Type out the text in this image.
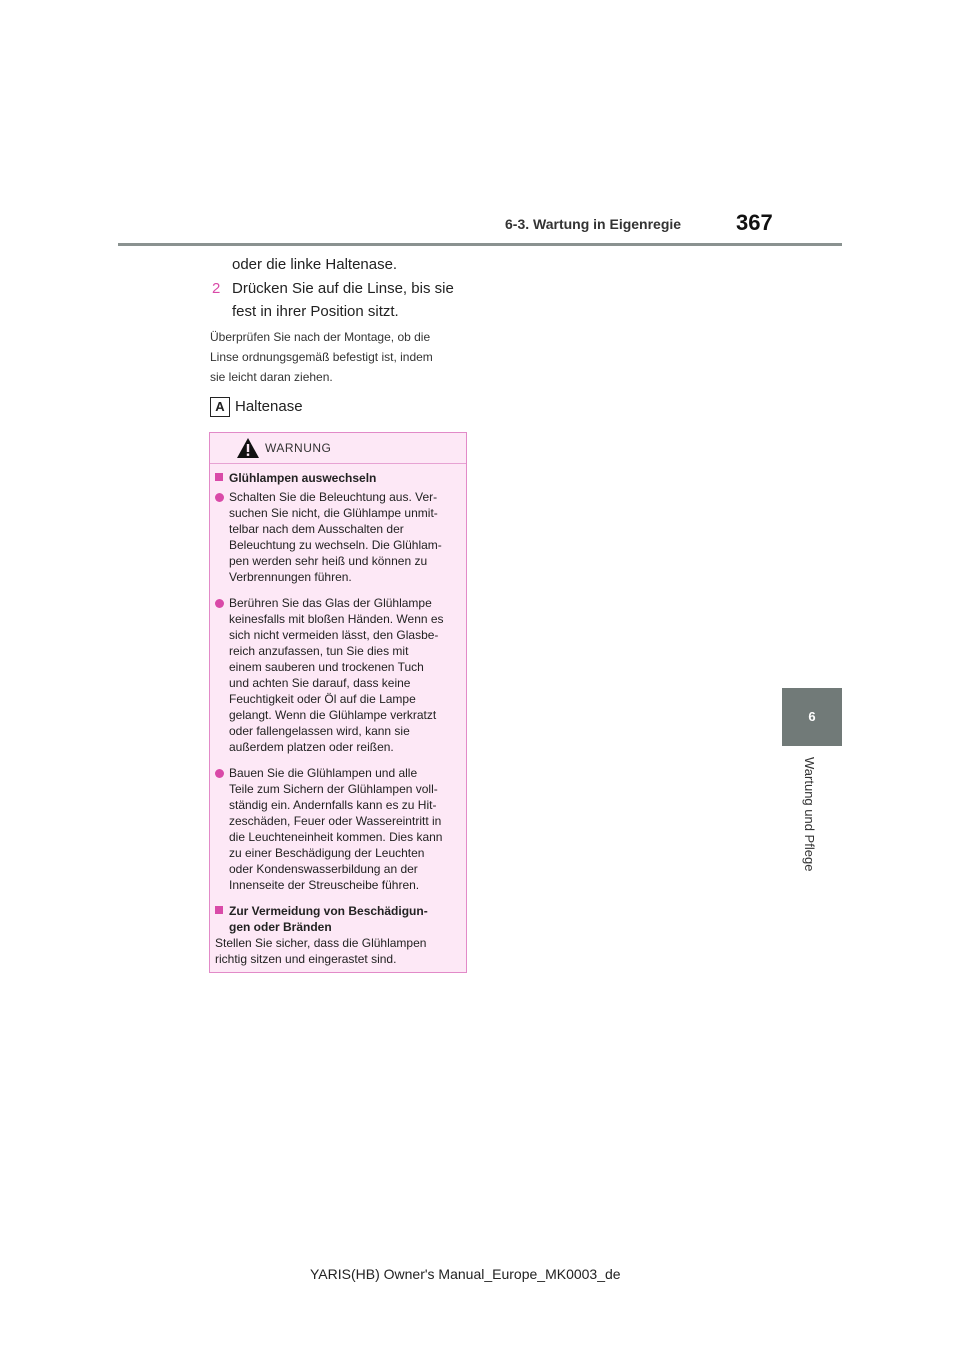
6-3. Wartung in Eigenregie 367
6
Wartung und Pflege
oder die linke Haltenase.
2 Drücken Sie auf die Linse, bis sie
fest in ihrer Position sitzt.
Überprüfen Sie nach der Montage, ob die
Linse ordnungsgemäß befestigt ist, indem
sie leicht daran ziehen.
A Haltenase
WARNUNG
Glühlampen auswechseln
Schalten Sie die Beleuchtung aus. Ver-
suchen Sie nicht, die Glühlampe unmit-
telbar nach dem Ausschalten der
Beleuchtung zu wechseln. Die Glühlam-
pen werden sehr heiß und können zu
Verbrennungen führen.
Berühren Sie das Glas der Glühlampe
keinesfalls mit bloßen Händen. Wenn es
sich nicht vermeiden lässt, den Glasbe-
reich anzufassen, tun Sie dies mit
einem sauberen und trockenen Tuch
und achten Sie darauf, dass keine
Feuchtigkeit oder Öl auf die Lampe
gelangt. Wenn die Glühlampe verkratzt
oder fallengelassen wird, kann sie
außerdem platzen oder reißen.
Bauen Sie die Glühlampen und alle
Teile zum Sichern der Glühlampen voll-
ständig ein. Andernfalls kann es zu Hit-
zeschäden, Feuer oder Wassereintritt in
die Leuchteneinheit kommen. Dies kann
zu einer Beschädigung der Leuchten
oder Kondenswasserbildung an der
Innenseite der Streuscheibe führen.
Zur Vermeidung von Beschädigun-
gen oder Bränden
Stellen Sie sicher, dass die Glühlampen
richtig sitzen und eingerastet sind.
YARIS(HB) Owner's Manual_Europe_MK0003_de
